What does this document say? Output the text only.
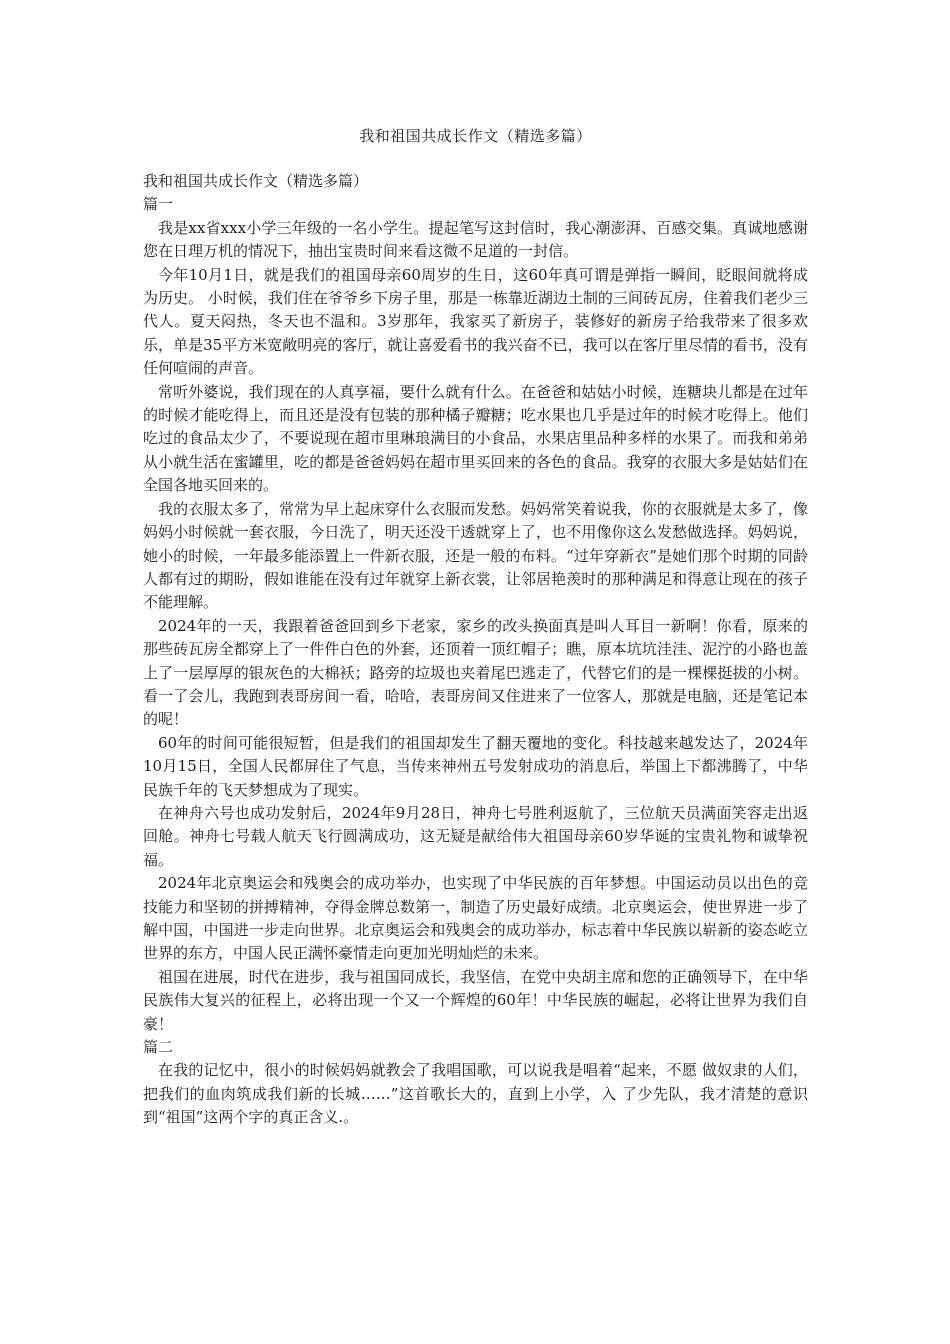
我和祖国共成长作文（精选多篇）
我和祖国共成长作文（精选多篇）
篇一

我是xx省xxx小学三年级的一名小学生。提起笔写这封信时，我心潮澎湃、百感交集。真诚地感谢您在日理万机的情况下，抽出宝贵时间来看这微不足道的一封信。

今年10月1日，就是我们的祖国母亲60周岁的生日，这60年真可谓是弹指一瞬间，眨眼间就将成为历史。 小时候，我们住在爷爷乡下房子里，那是一栋靠近湖边土制的三间砖瓦房，住着我们老少三代人。夏天闷热，冬天也不温和。3岁那年，我家买了新房子，装修好的新房子给我带来了很多欢乐，单是35平方米宽敞明亮的客厅，就让喜爱看书的我兴奋不已，我可以在客厅里尽情的看书，没有任何喧闹的声音。

常听外婆说，我们现在的人真享福，要什么就有什么。在爸爸和姑姑小时候，连糖块儿都是在过年的时候才能吃得上，而且还是没有包装的那种橘子瓣糖；吃水果也几乎是过年的时候才吃得上。他们吃过的食品太少了，不要说现在超市里琳琅满目的小食品，水果店里品种多样的水果了。而我和弟弟从小就生活在蜜罐里，吃的都是爸爸妈妈在超市里买回来的各色的食品。我穿的衣服大多是姑姑们在全国各地买回来的。

我的衣服太多了，常常为早上起床穿什么衣服而发愁。妈妈常笑着说我，你的衣服就是太多了，像妈妈小时候就一套衣服，今日洗了，明天还没干透就穿上了，也不用像你这么发愁做选择。妈妈说，她小的时候，一年最多能添置上一件新衣服，还是一般的布料。“过年穿新衣”是她们那个时期的同龄人都有过的期盼，假如谁能在没有过年就穿上新衣裳，让邻居艳羡时的那种满足和得意让现在的孩子不能理解。

2024年的一天，我跟着爸爸回到乡下老家，家乡的改头换面真是叫人耳目一新啊！你看，原来的那些砖瓦房全都穿上了一件件白色的外套，还顶着一顶红帽子；瞧，原本坑坑洼洼、泥泞的小路也盖上了一层厚厚的银灰色的大棉袄；路旁的垃圾也夹着尾巴逃走了，代替它们的是一棵棵挺拔的小树。看一了会儿，我跑到表哥房间一看，哈哈，表哥房间又住进来了一位客人，那就是电脑，还是笔记本的呢！

60年的时间可能很短暂，但是我们的祖国却发生了翻天覆地的变化。科技越来越发达了，2024年10月15日，全国人民都屏住了气息，当传来神州五号发射成功的消息后，举国上下都沸腾了，中华民族千年的飞天梦想成为了现实。

在神舟六号也成功发射后，2024年9月28日，神舟七号胜利返航了，三位航天员满面笑容走出返回舱。神舟七号载人航天飞行圆满成功，这无疑是献给伟大祖国母亲60岁华诞的宝贵礼物和诚挚祝福。

2024年北京奥运会和残奥会的成功举办，也实现了中华民族的百年梦想。中国运动员以出色的竞技能力和坚韧的拼搏精神，夺得金牌总数第一，制造了历史最好成绩。北京奥运会，使世界进一步了解中国，中国进一步走向世界。北京奥运会和残奥会的成功举办，标志着中华民族以崭新的姿态屹立世界的东方，中国人民正满怀豪情走向更加光明灿烂的未来。

祖国在进展，时代在进步，我与祖国同成长，我坚信，在党中央胡主席和您的正确领导下，在中华民族伟大复兴的征程上，必将出现一个又一个辉煌的60年！中华民族的崛起，必将让世界为我们自豪！

篇二

在我的记忆中，很小的时候妈妈就教会了我唱国歌，可以说我是唱着“起来，不愿 做奴隶的人们，把我们的血肉筑成我们新的长城……”这首歌长大的，直到上小学，入 了少先队，我才清楚的意识到“祖国”这两个字的真正含义.。
